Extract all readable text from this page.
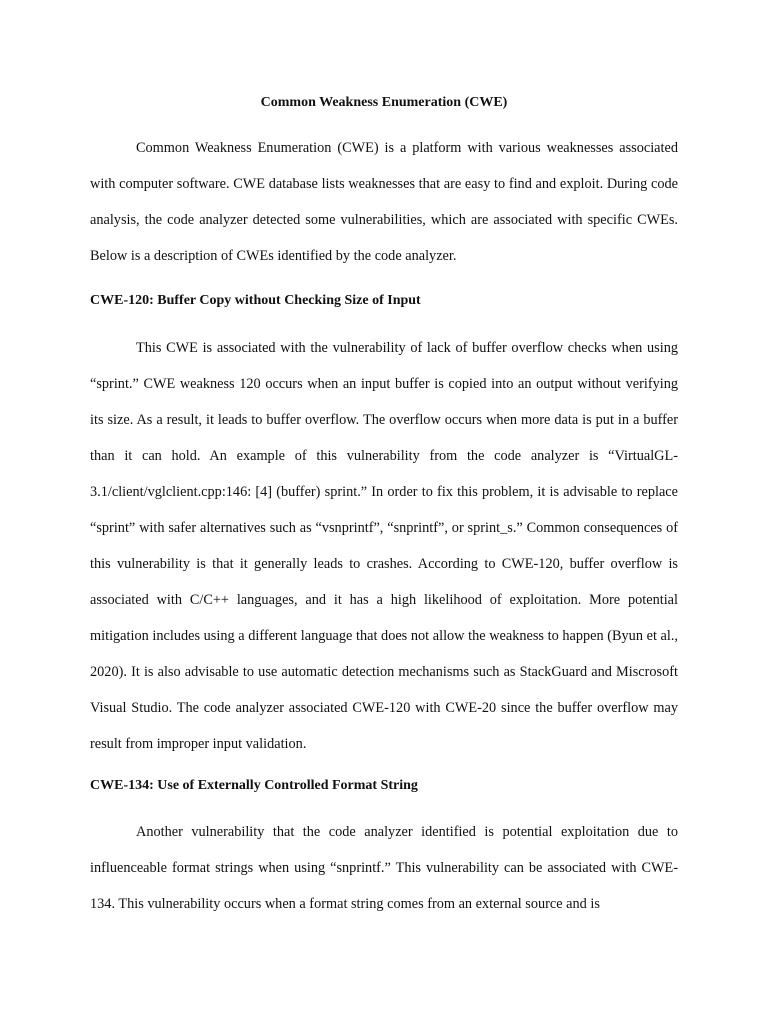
Common Weakness Enumeration (CWE)

Common Weakness Enumeration (CWE) is a platform with various weaknesses associated with computer software. CWE database lists weaknesses that are easy to find and exploit. During code analysis, the code analyzer detected some vulnerabilities, which are associated with specific CWEs. Below is a description of CWEs identified by the code analyzer.

CWE-120: Buffer Copy without Checking Size of Input

This CWE is associated with the vulnerability of lack of buffer overflow checks when using “sprint.” CWE weakness 120 occurs when an input buffer is copied into an output without verifying its size. As a result, it leads to buffer overflow. The overflow occurs when more data is put in a buffer than it can hold. An example of this vulnerability from the code analyzer is “VirtualGL-3.1/client/vglclient.cpp:146: [4] (buffer) sprint.” In order to fix this problem, it is advisable to replace “sprint” with safer alternatives such as “vsnprintf”, “snprintf”, or sprint_s.” Common consequences of this vulnerability is that it generally leads to crashes. According to CWE-120, buffer overflow is associated with C/C++ languages, and it has a high likelihood of exploitation. More potential mitigation includes using a different language that does not allow the weakness to happen (Byun et al., 2020). It is also advisable to use automatic detection mechanisms such as StackGuard and Miscrosoft Visual Studio. The code analyzer associated CWE-120 with CWE-20 since the buffer overflow may result from improper input validation.

CWE-134: Use of Externally Controlled Format String

Another vulnerability that the code analyzer identified is potential exploitation due to influenceable format strings when using “snprintf.” This vulnerability can be associated with CWE-134. This vulnerability occurs when a format string comes from an external source and is
